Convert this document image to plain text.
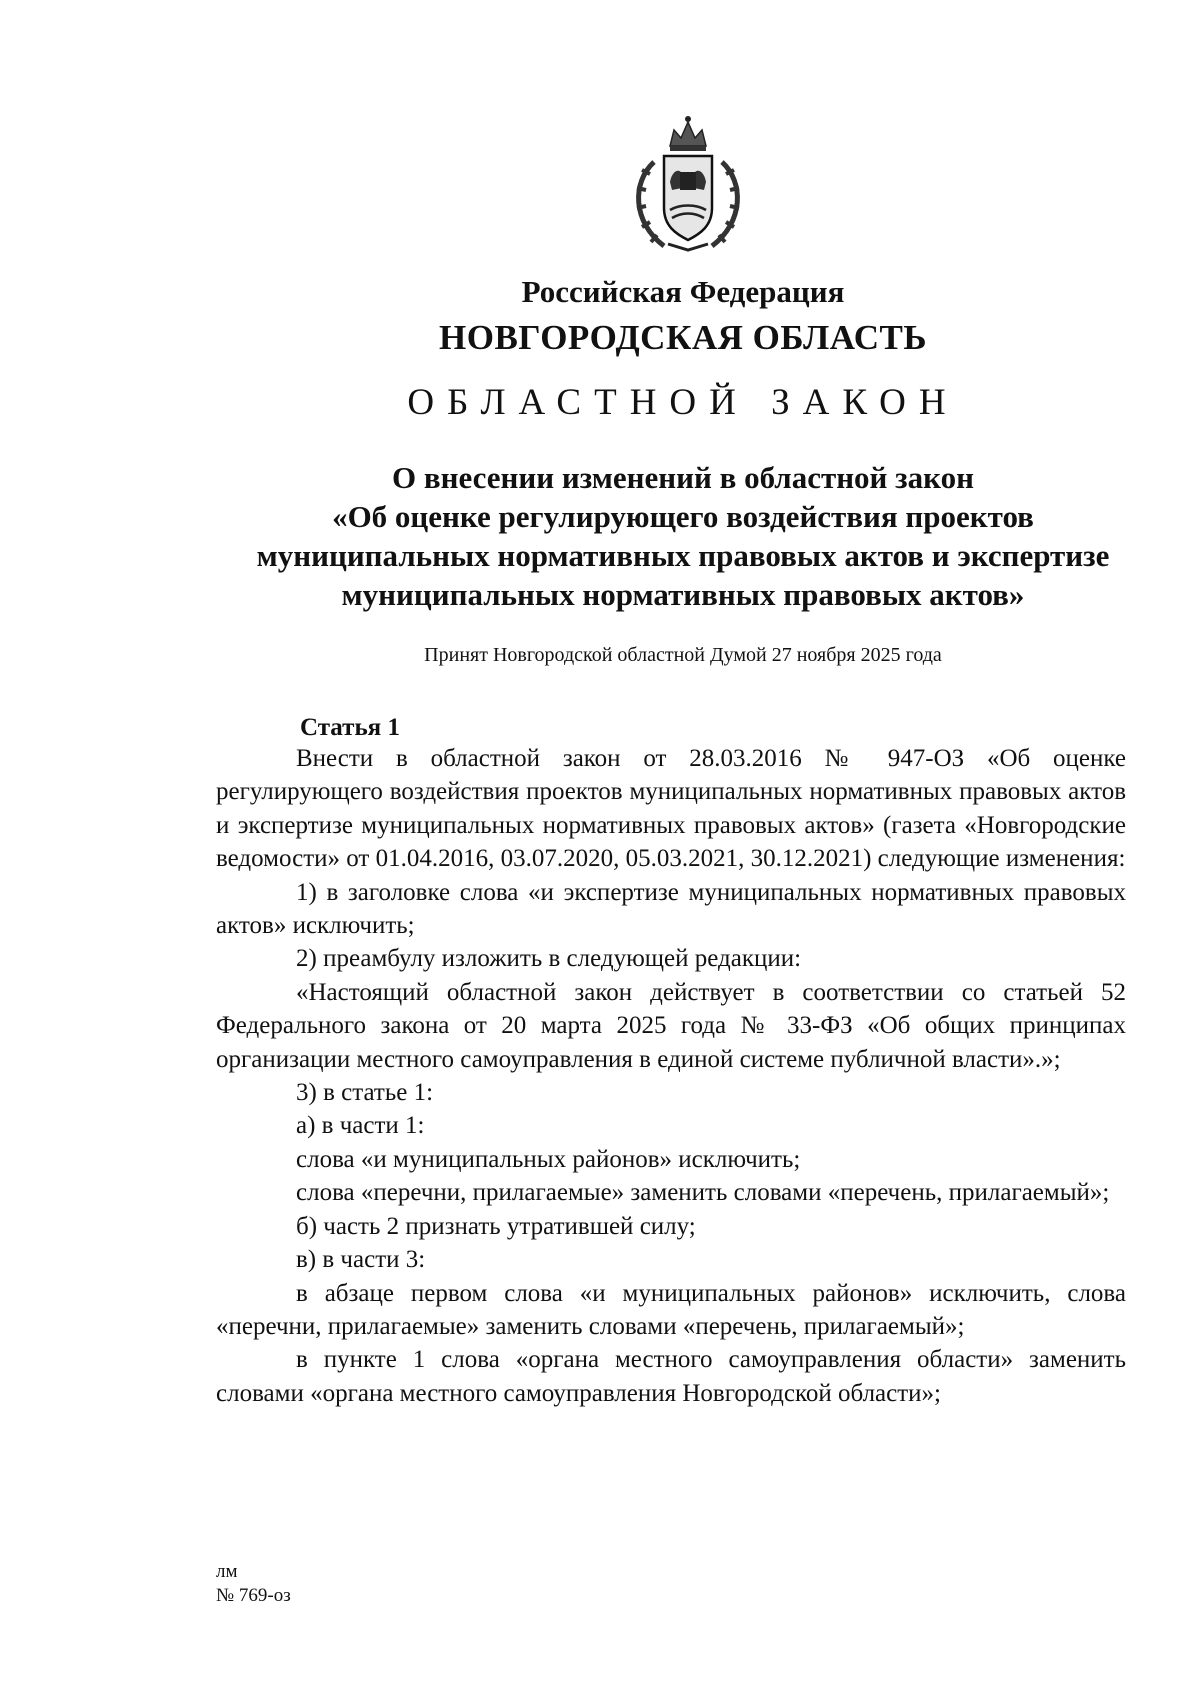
Российская Федерация
НОВГОРОДСКАЯ ОБЛАСТЬ
ОБЛАСТНОЙ ЗАКОН
О внесении изменений в областной закон
«Об оценке регулирующего воздействия проектов
муниципальных нормативных правовых актов и экспертизе
муниципальных нормативных правовых актов»
Принят Новгородской областной Думой 27 ноября 2025 года
Статья 1

Внести в областной закон от 28.03.2016 № 947-ОЗ «Об оценке регулирующего воздействия проектов муниципальных нормативных правовых актов и экспертизе муниципальных нормативных правовых актов» (газета «Новгородские ведомости» от 01.04.2016, 03.07.2020, 05.03.2021, 30.12.2021) следующие изменения:

1) в заголовке слова «и экспертизе муниципальных нормативных правовых актов» исключить;

2) преамбулу изложить в следующей редакции:

«Настоящий областной закон действует в соответствии со статьей 52 Федерального закона от 20 марта 2025 года № 33-ФЗ «Об общих принципах организации местного самоуправления в единой системе публичной власти».»;

3) в статье 1:

а) в части 1:

слова «и муниципальных районов» исключить;

слова «перечни, прилагаемые» заменить словами «перечень, прилагаемый»;

б) часть 2 признать утратившей силу;

в) в части 3:

в абзаце первом слова «и муниципальных районов» исключить, слова «перечни, прилагаемые» заменить словами «перечень, прилагаемый»;

в пункте 1 слова «органа местного самоуправления области» заменить словами «органа местного самоуправления Новгородской области»;

лм
№ 769-оз
